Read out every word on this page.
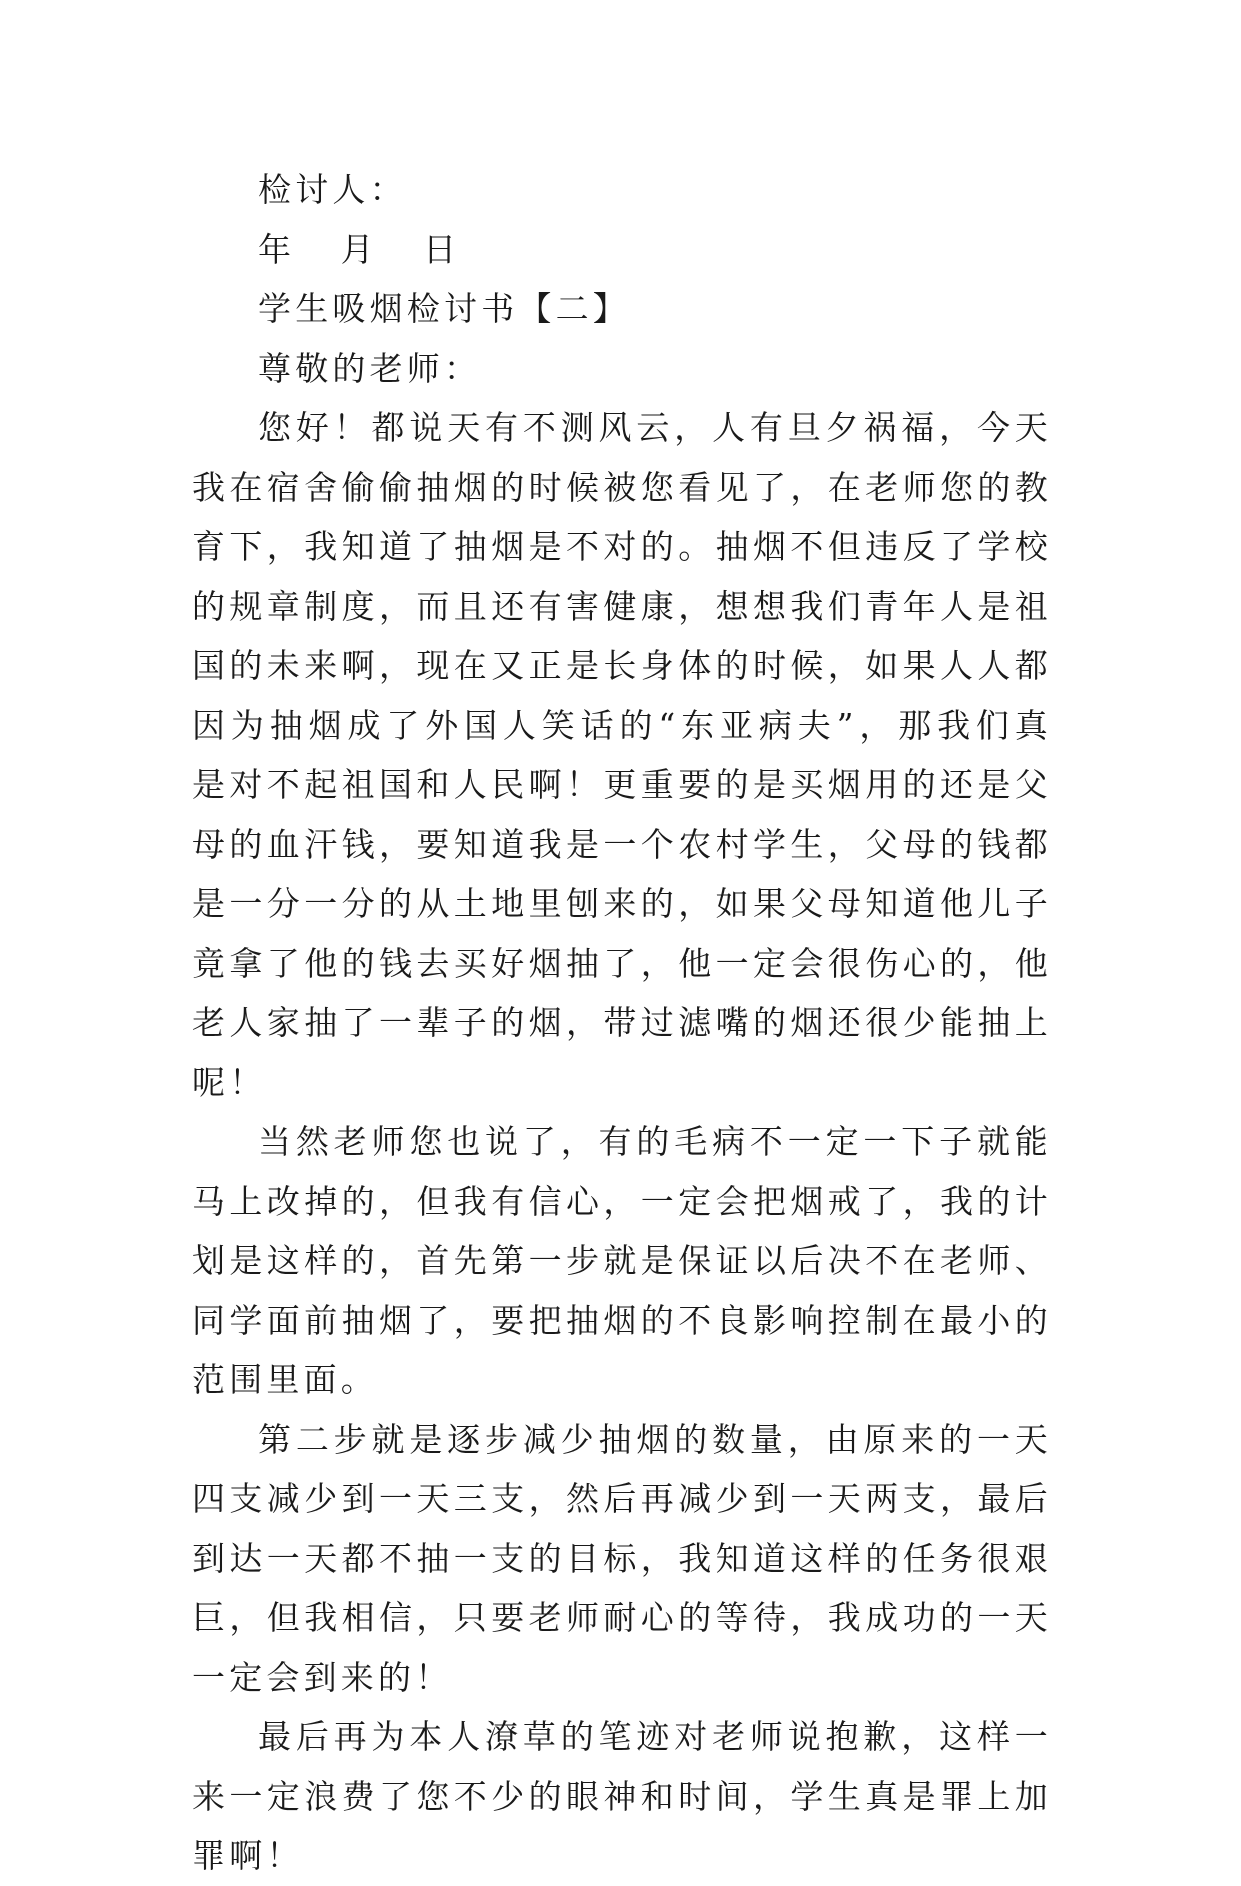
检讨人：

年  月  日

学生吸烟检讨书【二】

尊敬的老师：

您好！都说天有不测风云，人有旦夕祸福，今天我在宿舍偷偷抽烟的时候被您看见了，在老师您的教育下，我知道了抽烟是不对的。抽烟不但违反了学校的规章制度，而且还有害健康，想想我们青年人是祖国的未来啊，现在又正是长身体的时候，如果人人都因为抽烟成了外国人笑话的“东亚病夫”，那我们真是对不起祖国和人民啊！更重要的是买烟用的还是父母的血汗钱，要知道我是一个农村学生，父母的钱都是一分一分的从土地里刨来的，如果父母知道他儿子竟拿了他的钱去买好烟抽了，他一定会很伤心的，他老人家抽了一辈子的烟，带过滤嘴的烟还很少能抽上呢！

当然老师您也说了，有的毛病不一定一下子就能马上改掉的，但我有信心，一定会把烟戒了，我的计划是这样的，首先第一步就是保证以后决不在老师、同学面前抽烟了，要把抽烟的不良影响控制在最小的范围里面。

第二步就是逐步减少抽烟的数量，由原来的一天四支减少到一天三支，然后再减少到一天两支，最后到达一天都不抽一支的目标，我知道这样的任务很艰巨，但我相信，只要老师耐心的等待，我成功的一天一定会到来的！

最后再为本人潦草的笔迹对老师说抱歉，这样一来一定浪费了您不少的眼神和时间，学生真是罪上加罪啊！
